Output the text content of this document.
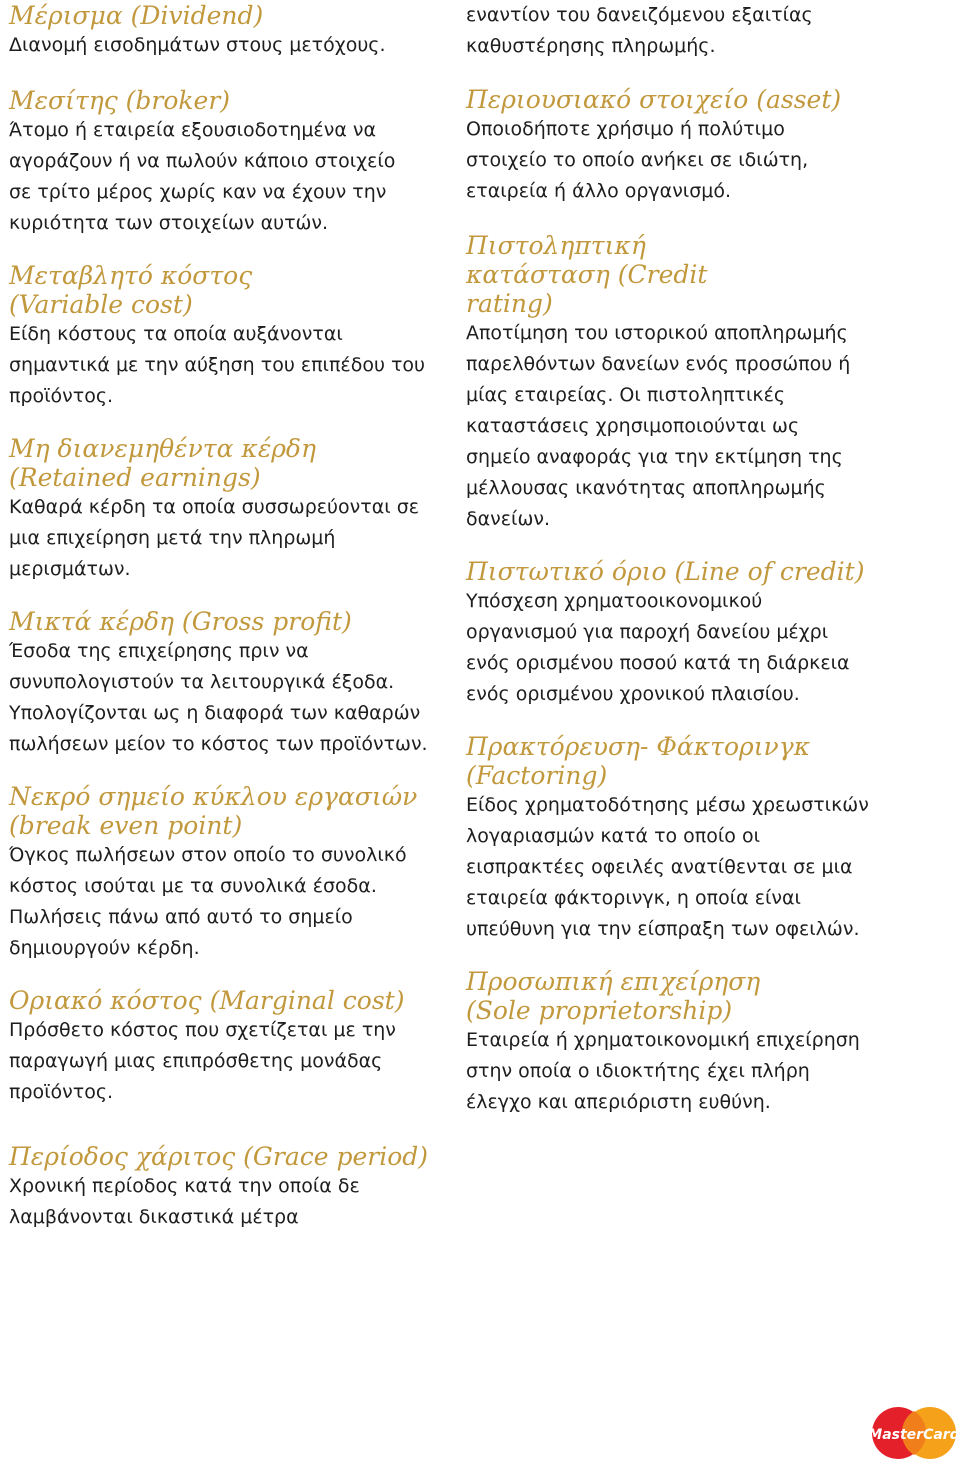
Μέρισμα (Dividend)

Διανομή εισοδημάτων στους μετόχους.

Μεσίτης (broker)

Άτομο ή εταιρεία εξουσιοδοτημένα να αγοράζουν ή να πωλούν κάποιο στοιχείο σε τρίτο μέρος χωρίς καν να έχουν την κυριότητα των στοιχείων αυτών.

Μεταβλητό κόστος (Variable cost)

Είδη κόστους τα οποία αυξάνονται σημαντικά με την αύξηση του επιπέδου του προϊόντος.

Μη διανεμηθέντα κέρδη (Retained earnings)

Καθαρά κέρδη τα οποία συσσωρεύονται σε μια επιχείρηση μετά την πληρωμή μερισμάτων.

Μικτά κέρδη (Gross profit)

Έσοδα της επιχείρησης πριν να συνυπολογιστούν τα λειτουργικά έξοδα. Υπολογίζονται ως η διαφορά των καθαρών πωλήσεων μείον το κόστος των προϊόντων.

Νεκρό σημείο κύκλου εργασιών (break even point)

Όγκος πωλήσεων στον οποίο το συνολικό κόστος ισούται με τα συνολικά έσοδα. Πωλήσεις πάνω από αυτό το σημείο δημιουργούν κέρδη.

Οριακό κόστος (Marginal cost)

Πρόσθετο κόστος που σχετίζεται με την παραγωγή μιας επιπρόσθετης μονάδας προϊόντος.

Περίοδος χάριτος (Grace period)

Χρονική περίοδος κατά την οποία δε λαμβάνονται δικαστικά μέτρα

εναντίον του δανειζόμενου εξαιτίας καθυστέρησης πληρωμής.

Περιουσιακό στοιχείο (asset)

Οποιοδήποτε χρήσιμο ή πολύτιμο στοιχείο το οποίο ανήκει σε ιδιώτη, εταιρεία ή άλλο οργανισμό.

Πιστοληπτική κατάσταση (Credit rating)

Αποτίμηση του ιστορικού αποπληρωμής παρελθόντων δανείων ενός προσώπου ή μίας εταιρείας. Οι πιστοληπτικές καταστάσεις χρησιμοποιούνται ως σημείο αναφοράς για την εκτίμηση της μέλλουσας ικανότητας αποπληρωμής δανείων.

Πιστωτικό όριο (Line of credit)

Υπόσχεση χρηματοοικονομικού οργανισμού για παροχή δανείου μέχρι ενός ορισμένου ποσού κατά τη διάρκεια ενός ορισμένου χρονικού πλαισίου.

Πρακτόρευση- Φάκτορινγκ (Factoring)

Είδος χρηματοδότησης μέσω χρεωστικών λογαριασμών κατά το οποίο οι εισπρακτέες οφειλές ανατίθενται σε μια εταιρεία φάκτορινγκ, η οποία είναι υπεύθυνη για την είσπραξη των οφειλών.

Προσωπική επιχείρηση (Sole proprietorship)

Εταιρεία ή χρηματοικονομική επιχείρηση στην οποία ο ιδιοκτήτης έχει πλήρη έλεγχο και απεριόριστη ευθύνη.

MasterCard
